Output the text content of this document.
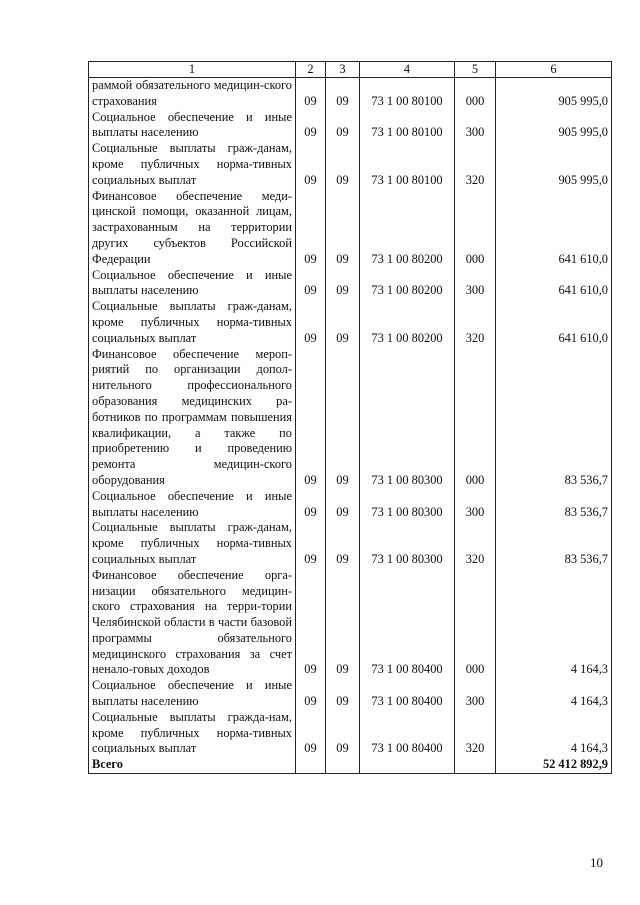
1	2	3	4	5	6
раммой обязательного медицин-ского страхования	09	09	73 1 00 80100	000	905 995,0
Социальное обеспечение и иные выплаты населению	09	09	73 1 00 80100	300	905 995,0
Социальные выплаты граж-данам, кроме публичных норма-тивных социальных выплат	09	09	73 1 00 80100	320	905 995,0
Финансовое обеспечение меди-цинской помощи, оказанной лицам, застрахованным на территории других субъектов Российской Федерации	09	09	73 1 00 80200	000	641 610,0
Социальное обеспечение и иные выплаты населению	09	09	73 1 00 80200	300	641 610,0
Социальные выплаты граж-данам, кроме публичных норма-тивных социальных выплат	09	09	73 1 00 80200	320	641 610,0
Финансовое обеспечение мероп-риятий по организации допол-нительного профессионального образования медицинских ра-ботников по программам повышения квалификации, а также по приобретению и проведению ремонта медицин-ского оборудования	09	09	73 1 00 80300	000	83 536,7
Социальное обеспечение и иные выплаты населению	09	09	73 1 00 80300	300	83 536,7
Социальные выплаты граж-данам, кроме публичных норма-тивных социальных выплат	09	09	73 1 00 80300	320	83 536,7
Финансовое обеспечение орга-низации обязательного медицин-ского страхования на терри-тории Челябинской области в части базовой программы обязательного медицинского страхования за счет ненало-говых доходов	09	09	73 1 00 80400	000	4 164,3
Социальное обеспечение и иные выплаты населению	09	09	73 1 00 80400	300	4 164,3
Социальные выплаты гражда-нам, кроме публичных норма-тивных социальных выплат	09	09	73 1 00 80400	320	4 164,3
Всего					52 412 892,9
10
